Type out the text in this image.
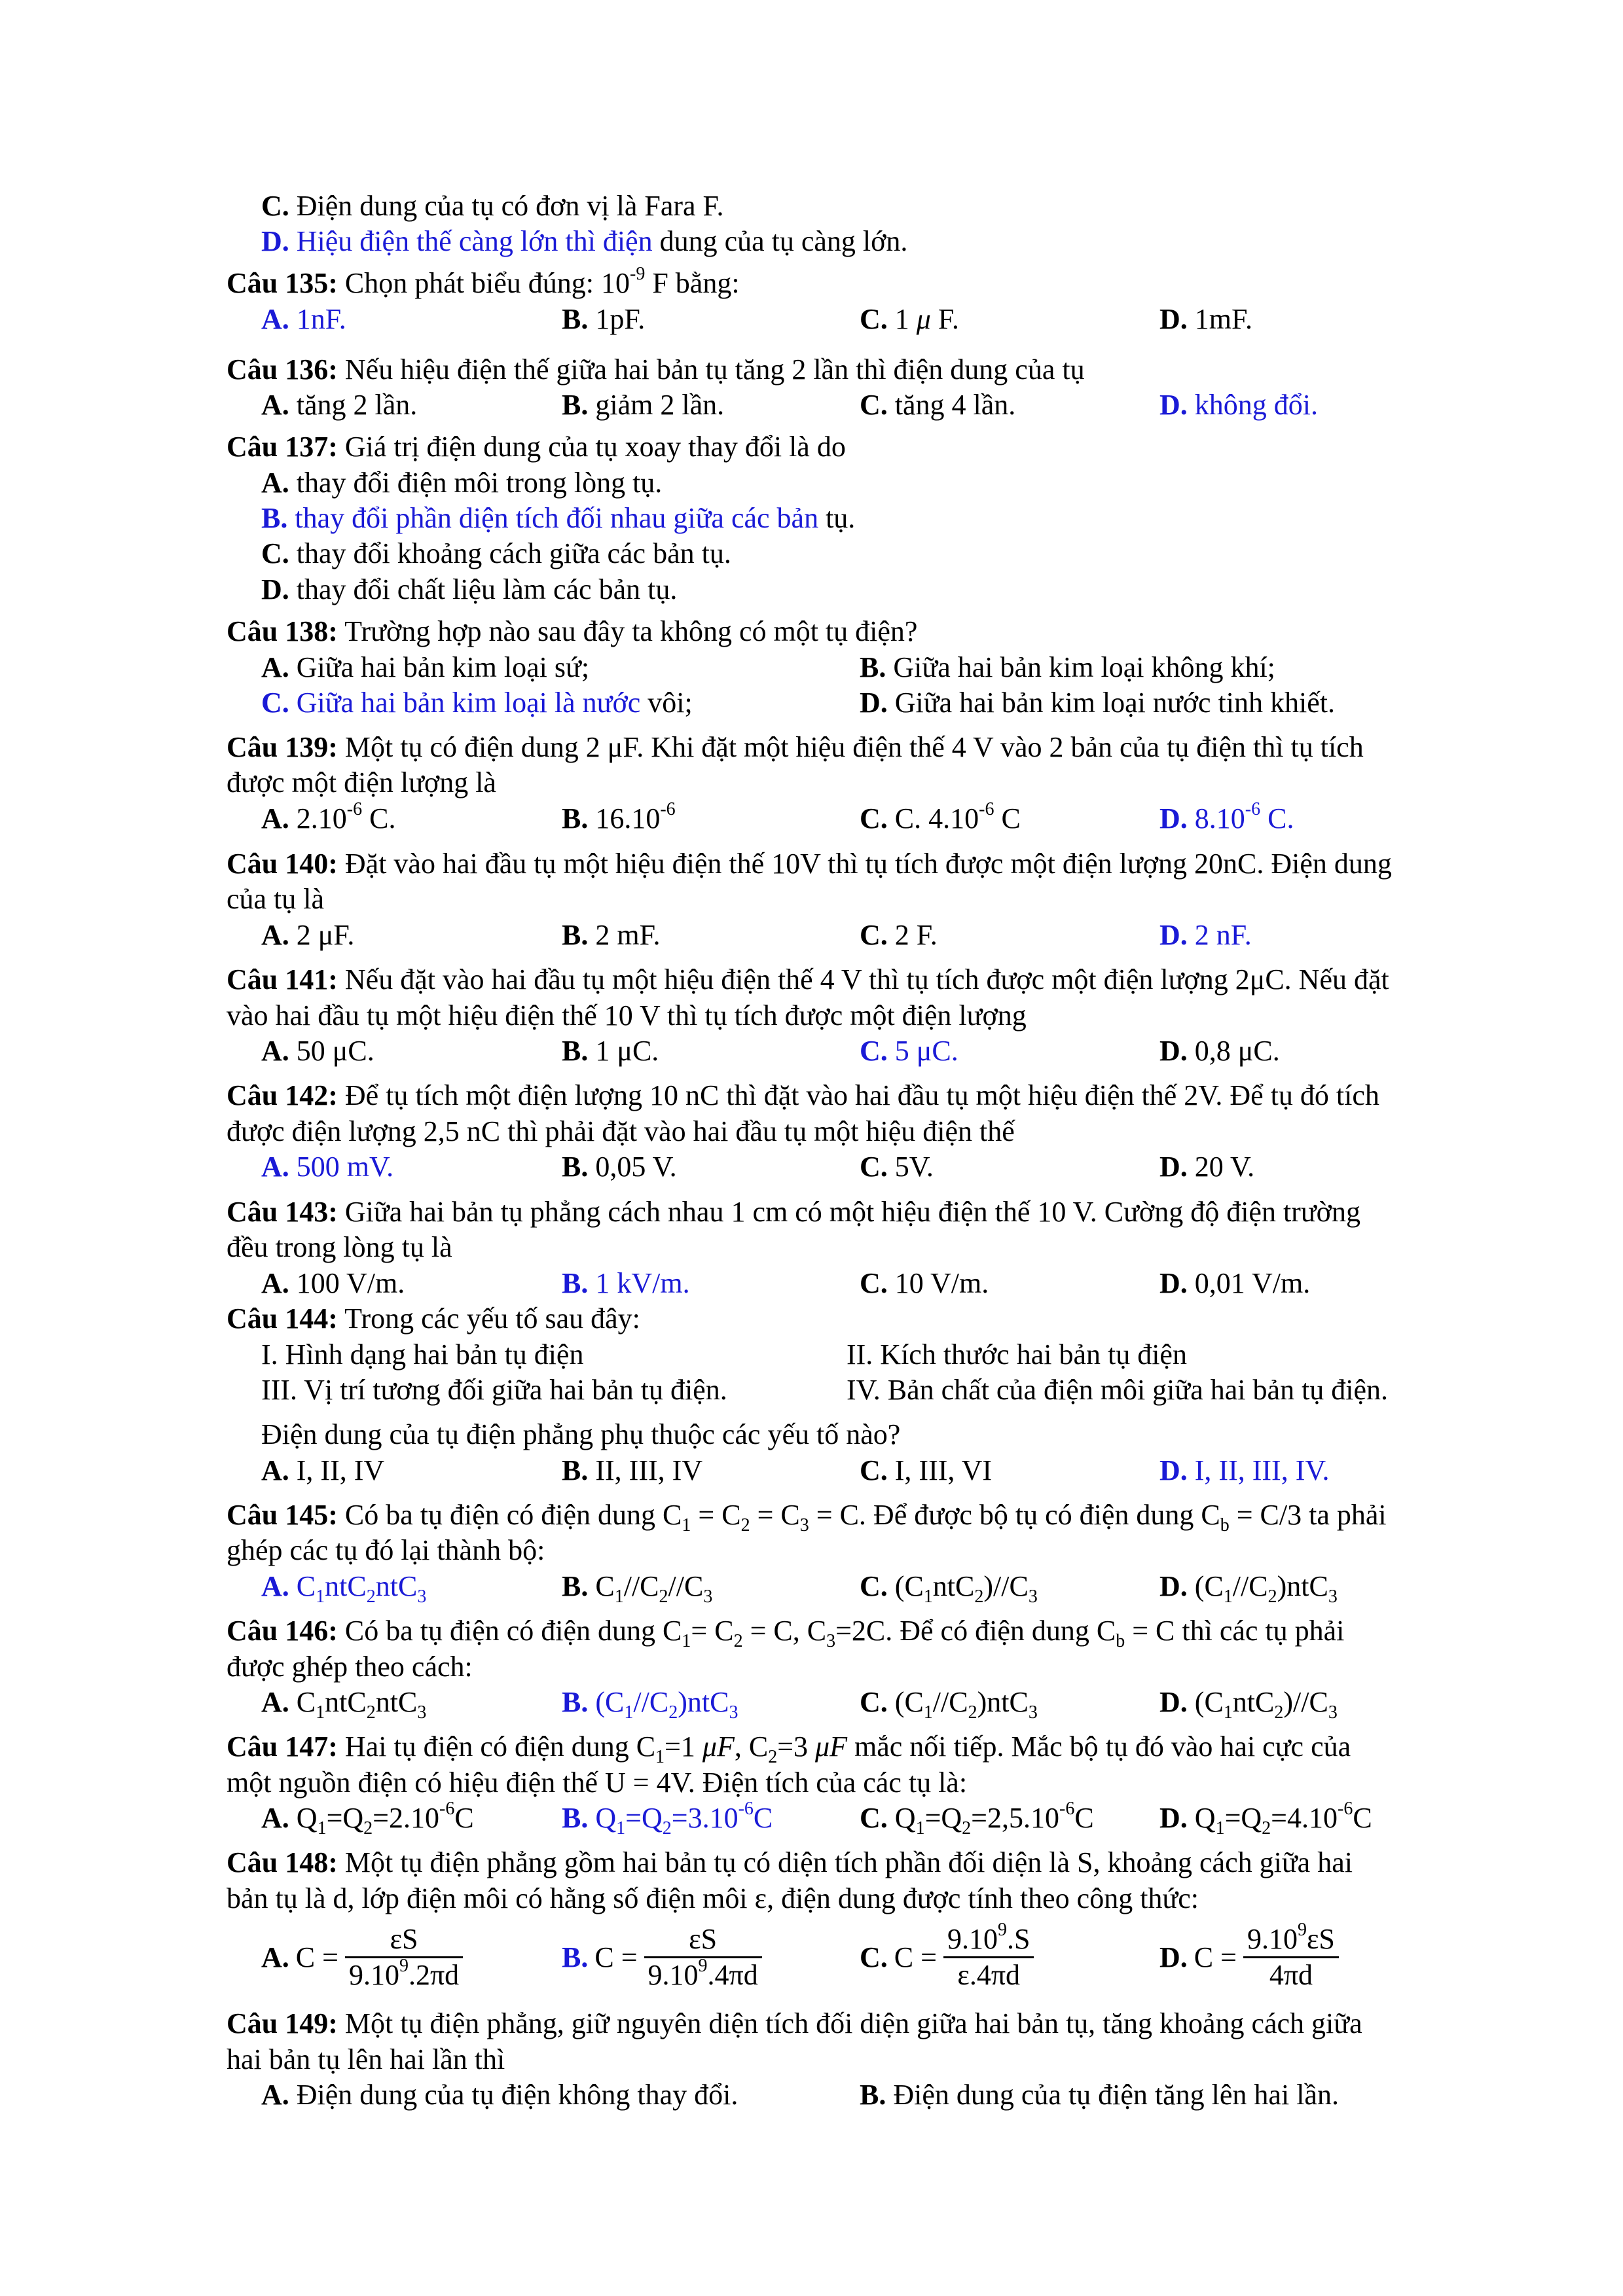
C. Điện dung của tụ có đơn vị là Fara F.
D. Hiệu điện thế càng lớn thì điện dung của tụ càng lớn.
Câu 135: Chọn phát biểu đúng: $10^{-9}$ F bằng:
A. 1nF.	B. 1pF.	C. 1 μ F.	D. 1mF.
Câu 136: Nếu hiệu điện thế giữa hai bản tụ tăng 2 lần thì điện dung của tụ
A. tăng 2 lần.	B. giảm 2 lần.	C. tăng 4 lần.	D. không đổi.
Câu 137: Giá trị điện dung của tụ xoay thay đổi là do
A. thay đổi điện môi trong lòng tụ.
B. thay đổi phần diện tích đối nhau giữa các bản tụ.
C. thay đổi khoảng cách giữa các bản tụ.
D. thay đổi chất liệu làm các bản tụ.
Câu 138: Trường hợp nào sau đây ta không có một tụ điện?
A. Giữa hai bản kim loại sứ;	B. Giữa hai bản kim loại không khí;
C. Giữa hai bản kim loại là nước vôi;	D. Giữa hai bản kim loại nước tinh khiết.
Câu 139: Một tụ có điện dung 2 μF. Khi đặt một hiệu điện thế 4 V vào 2 bản của tụ điện thì tụ tích
được một điện lượng là
A. $2.10^{-6}$ C.	B. $16.10^{-6}$	C. C. $4.10^{-6}$ C	D. $8.10^{-6}$ C.
Câu 140: Đặt vào hai đầu tụ một hiệu điện thế 10V thì tụ tích được một điện lượng 20nC. Điện dung
của tụ là
A. 2 μF.	B. 2 mF.	C. 2 F.	D. 2 nF.
Câu 141: Nếu đặt vào hai đầu tụ một hiệu điện thế 4 V thì tụ tích được một điện lượng 2μC. Nếu đặt
vào hai đầu tụ một hiệu điện thế 10 V thì tụ tích được một điện lượng
A. 50 μC.	B. 1 μC.	C. 5 μC.	D. 0,8 μC.
Câu 142: Để tụ tích một điện lượng 10 nC thì đặt vào hai đầu tụ một hiệu điện thế 2V. Để tụ đó tích
được điện lượng 2,5 nC thì phải đặt vào hai đầu tụ một hiệu điện thế
A. 500 mV.	B. 0,05 V.	C. 5V.	D. 20 V.
Câu 143: Giữa hai bản tụ phẳng cách nhau 1 cm có một hiệu điện thế 10 V. Cường độ điện trường
đều trong lòng tụ là
A. 100 V/m.	B. 1 kV/m.	C. 10 V/m.	D. 0,01 V/m.
Câu 144: Trong các yếu tố sau đây:
I. Hình dạng hai bản tụ điện	II. Kích thước hai bản tụ điện
III. Vị trí tương đối giữa hai bản tụ điện.	IV. Bản chất của điện môi giữa hai bản tụ điện.
Điện dung của tụ điện phẳng phụ thuộc các yếu tố nào?
A. I, II, IV	B. II, III, IV	C. I, III, VI	D. I, II, III, IV.
Câu 145: Có ba tụ điện có điện dung $C_1 = C_2 = C_3 = C$. Để được bộ tụ có điện dung $C_b = C/3$ ta phải
ghép các tụ đó lại thành bộ:
A. $C_1ntC_2ntC_3$	B. $C_1//C_2//C_3$	C. $(C_1ntC_2)//C_3$	D. $(C_1//C_2)ntC_3$
Câu 146: Có ba tụ điện có điện dung $C_1= C_2 = C$, $C_3=2C$. Để có điện dung $C_b = C$ thì các tụ phải
được ghép theo cách:
A. $C_1ntC_2ntC_3$	B. $(C_1//C_2)ntC_3$	C. $(C_1//C_2)ntC_3$	D. $(C_1ntC_2)//C_3$
Câu 147: Hai tụ điện có điện dung $C_1=1$ μF, $C_2=3$ μF mắc nối tiếp. Mắc bộ tụ đó vào hai cực của
một nguồn điện có hiệu điện thế U = 4V. Điện tích của các tụ là:
A. $Q_1=Q_2=2.10^{-6}C$	B. $Q_1=Q_2=3.10^{-6}C$	C. $Q_1=Q_2=2,5.10^{-6}C$ D. $Q_1=Q_2=4.10^{-6}C$
Câu 148: Một tụ điện phẳng gồm hai bản tụ có diện tích phần đối diện là S, khoảng cách giữa hai
bản tụ là d, lớp điện môi có hằng số điện môi ε, điện dung được tính theo công thức:
A. $C = \frac{\varepsilon S}{9.10^9.2\pi d}$	B. $C = \frac{\varepsilon S}{9.10^9.4\pi d}$	C. $C = \frac{9.10^9.S}{\varepsilon.4\pi d}$	D. $C = \frac{9.10^9\varepsilon S}{4\pi d}$
Câu 149: Một tụ điện phẳng, giữ nguyên diện tích đối diện giữa hai bản tụ, tăng khoảng cách giữa
hai bản tụ lên hai lần thì
A. Điện dung của tụ điện không thay đổi.	B. Điện dung của tụ điện tăng lên hai lần.
